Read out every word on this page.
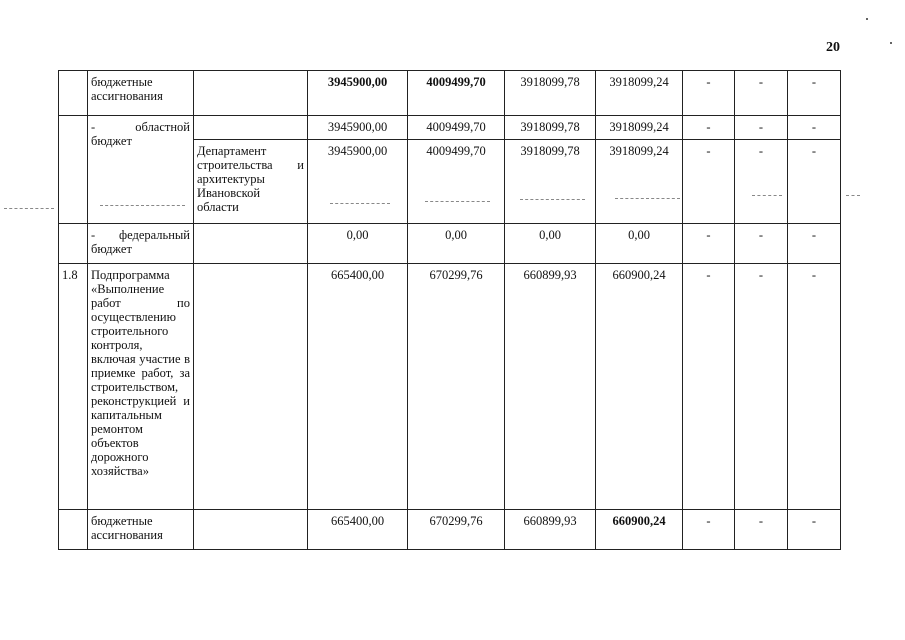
20
	бюджетные ассигнования		3945900,00	4009499,70	3918099,78	3918099,24	-	-	-
	- областной бюджет		3945900,00	4009499,70	3918099,78	3918099,24	-	-	-
		Департамент строительства и архитектуры Ивановской области	3945900,00	4009499,70	3918099,78	3918099,24	-	-	-
	- федеральный бюджет		0,00	0,00	0,00	0,00	-	-	-
1.8	Подпрограмма «Выполнение работ по осуществлению строительного контроля, включая участие в приемке работ, за строительством, реконструкцией и капитальным ремонтом объектов дорожного хозяйства»		665400,00	670299,76	660899,93	660900,24	-	-	-
	бюджетные ассигнования		665400,00	670299,76	660899,93	660900,24	-	-	-
